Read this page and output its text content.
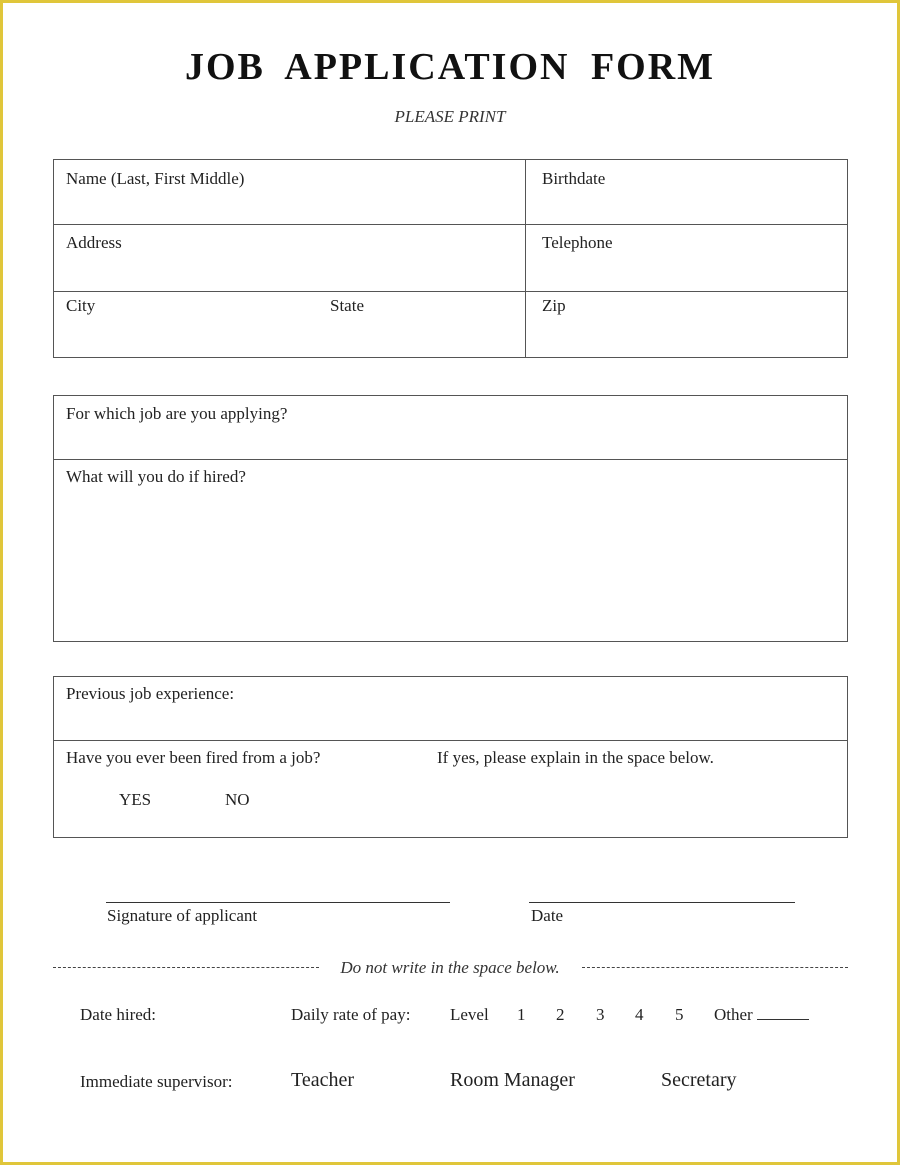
JOB APPLICATION FORM
PLEASE PRINT
Name (Last, First Middle)	Birthdate
Address	Telephone
City	State	Zip
For which job are you applying?
What will you do if hired?
Previous job experience:
Have you ever been fired from a job?	If yes, please explain in the space below.
YES	NO
Signature of applicant	Date
Do not write in the space below.
Date hired:	Daily rate of pay: Level 1 2 3 4 5 Other
Immediate supervisor:	Teacher	Room Manager	Secretary
